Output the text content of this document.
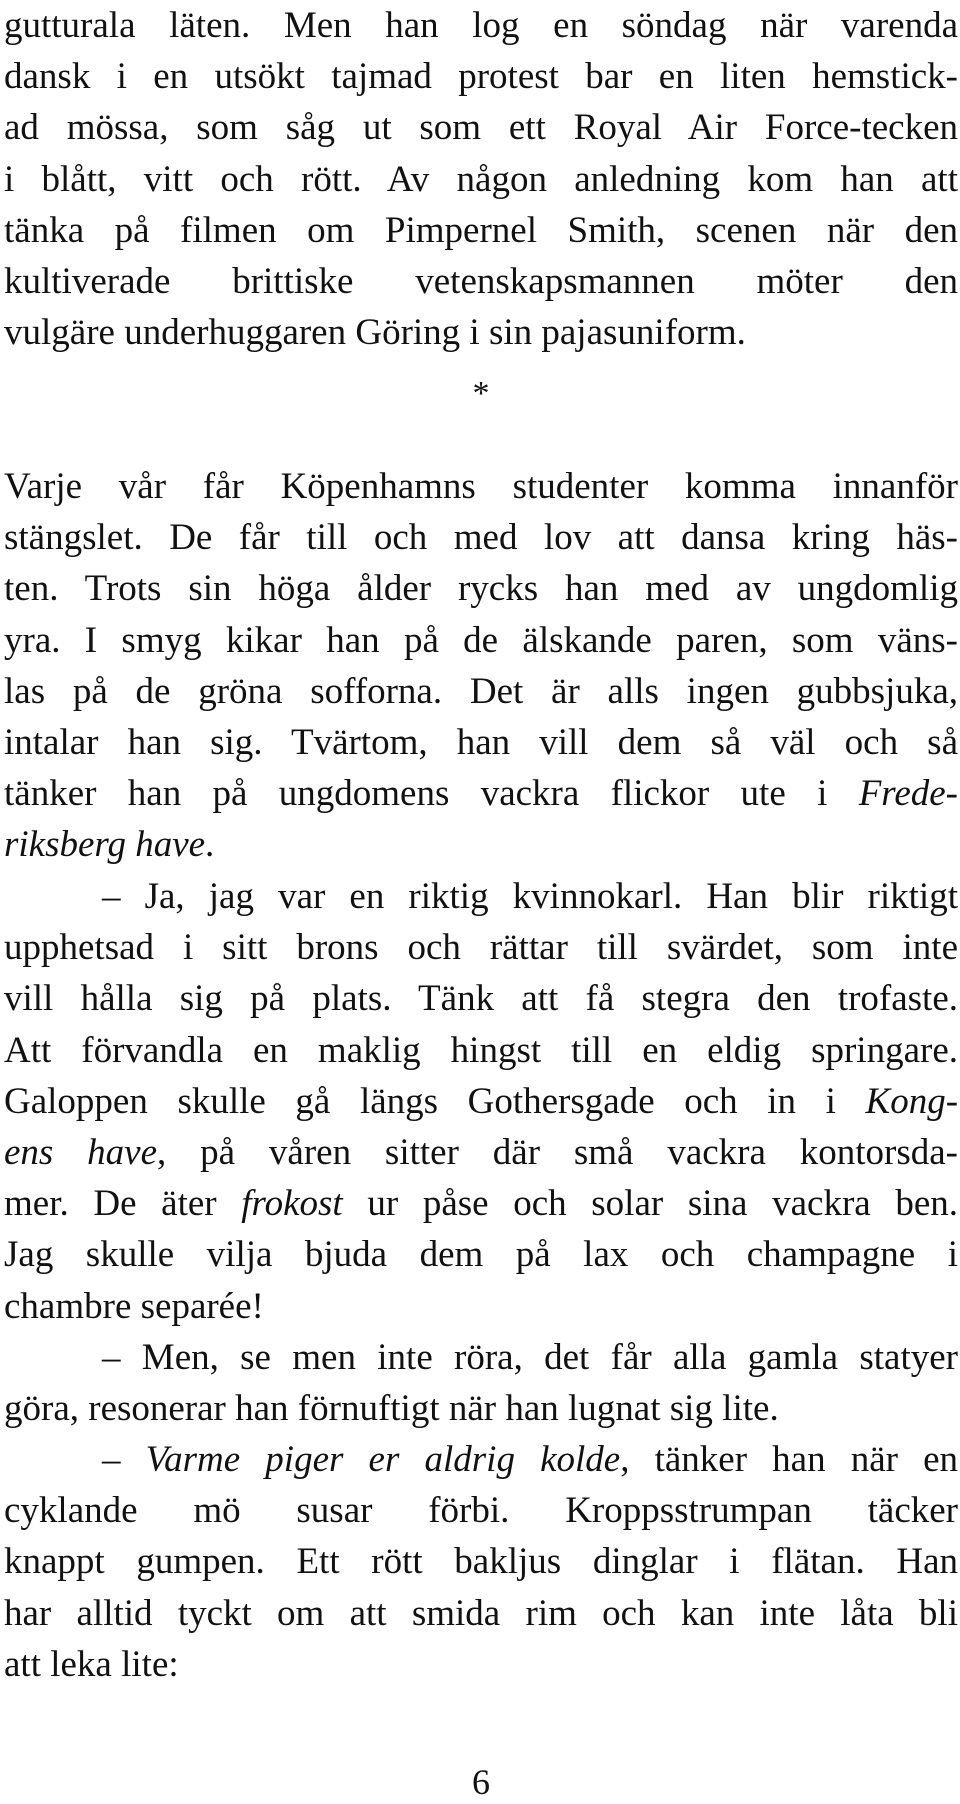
gutturala läten. Men han log en söndag när varenda
dansk i en utsökt tajmad protest bar en liten hemstick-
ad mössa, som såg ut som ett Royal Air Force-tecken
i blått, vitt och rött. Av någon anledning kom han att
tänka på filmen om Pimpernel Smith, scenen när den
kultiverade brittiske vetenskapsmannen möter den
vulgäre underhuggaren Göring i sin pajasuniform.
*
Varje vår får Köpenhamns studenter komma innanför
stängslet. De får till och med lov att dansa kring häs-
ten. Trots sin höga ålder rycks han med av ungdomlig
yra. I smyg kikar han på de älskande paren, som väns-
las på de gröna sofforna. Det är alls ingen gubbsjuka,
intalar han sig. Tvärtom, han vill dem så väl och så
tänker han på ungdomens vackra flickor ute i Frede-
riksberg have.
– Ja, jag var en riktig kvinnokarl. Han blir riktigt
upphetsad i sitt brons och rättar till svärdet, som inte
vill hålla sig på plats. Tänk att få stegra den trofaste.
Att förvandla en maklig hingst till en eldig springare.
Galoppen skulle gå längs Gothersgade och in i Kong-
ens have, på våren sitter där små vackra kontorsda-
mer. De äter frokost ur påse och solar sina vackra ben.
Jag skulle vilja bjuda dem på lax och champagne i
chambre separée!
– Men, se men inte röra, det får alla gamla statyer
göra, resonerar han förnuftigt när han lugnat sig lite.
– Varme piger er aldrig kolde, tänker han när en
cyklande mö susar förbi. Kroppsstrumpan täcker
knappt gumpen. Ett rött bakljus dinglar i flätan. Han
har alltid tyckt om att smida rim och kan inte låta bli
att leka lite:
6
